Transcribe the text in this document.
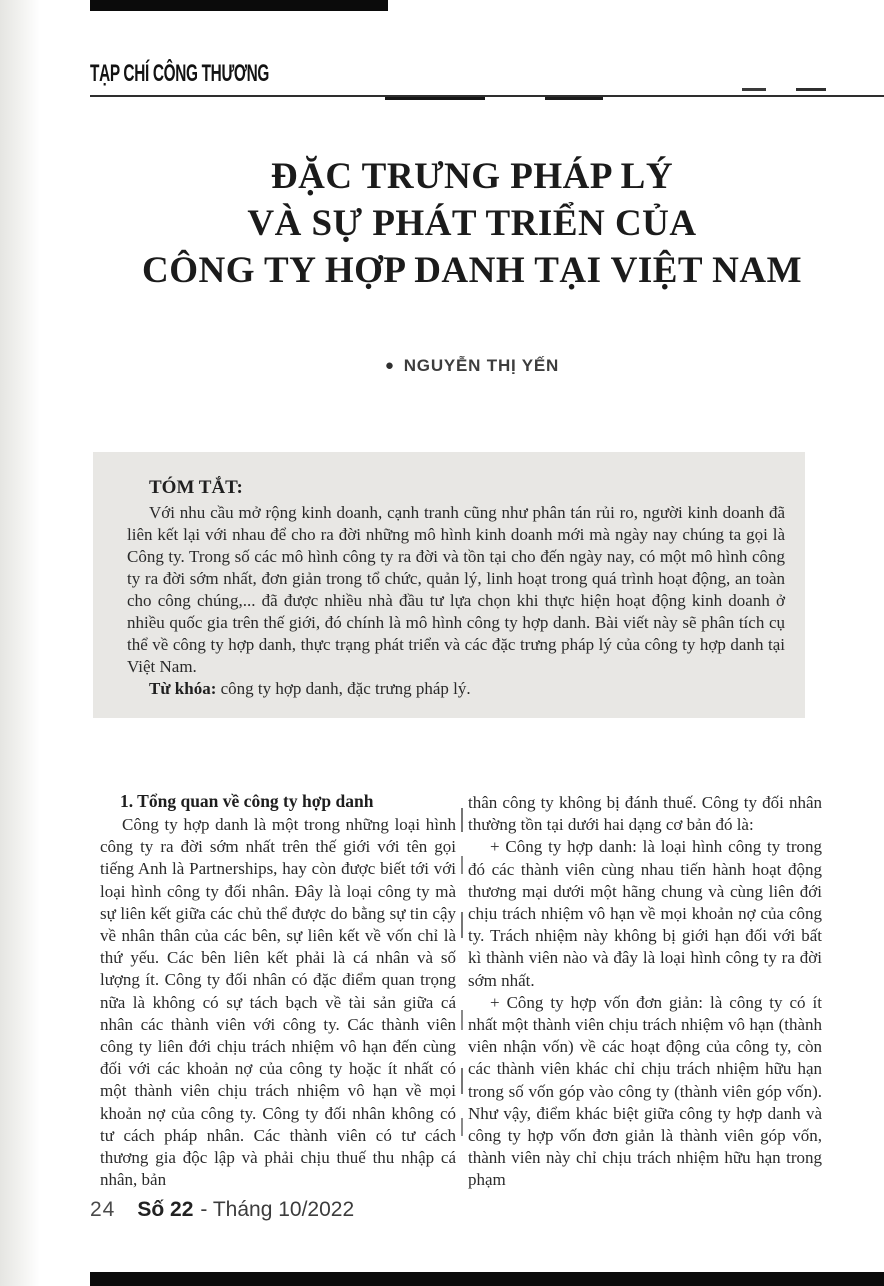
TẠP CHÍ CÔNG THƯƠNG
ĐẶC TRƯNG PHÁP LÝ
VÀ SỰ PHÁT TRIỂN CỦA
CÔNG TY HỢP DANH TẠI VIỆT NAM
● NGUYỄN THỊ YẾN
TÓM TẮT:

Với nhu cầu mở rộng kinh doanh, cạnh tranh cũng như phân tán rủi ro, người kinh doanh đã liên kết lại với nhau để cho ra đời những mô hình kinh doanh mới mà ngày nay chúng ta gọi là Công ty. Trong số các mô hình công ty ra đời và tồn tại cho đến ngày nay, có một mô hình công ty ra đời sớm nhất, đơn giản trong tổ chức, quản lý, linh hoạt trong quá trình hoạt động, an toàn cho công chúng,... đã được nhiều nhà đầu tư lựa chọn khi thực hiện hoạt động kinh doanh ở nhiều quốc gia trên thế giới, đó chính là mô hình công ty hợp danh. Bài viết này sẽ phân tích cụ thể về công ty hợp danh, thực trạng phát triển và các đặc trưng pháp lý của công ty hợp danh tại Việt Nam.

Từ khóa: công ty hợp danh, đặc trưng pháp lý.

1. Tổng quan về công ty hợp danh

Công ty hợp danh là một trong những loại hình công ty ra đời sớm nhất trên thế giới với tên gọi tiếng Anh là Partnerships, hay còn được biết tới với loại hình công ty đối nhân. Đây là loại công ty mà sự liên kết giữa các chủ thể được do bằng sự tin cậy về nhân thân của các bên, sự liên kết về vốn chỉ là thứ yếu. Các bên liên kết phải là cá nhân và số lượng ít. Công ty đối nhân có đặc điểm quan trọng nữa là không có sự tách bạch về tài sản giữa cá nhân các thành viên với công ty. Các thành viên công ty liên đới chịu trách nhiệm vô hạn đến cùng đối với các khoản nợ của công ty hoặc ít nhất có một thành viên chịu trách nhiệm vô hạn về mọi khoản nợ của công ty. Công ty đối nhân không có tư cách pháp nhân. Các thành viên có tư cách thương gia độc lập và phải chịu thuế thu nhập cá nhân, bản

thân công ty không bị đánh thuế. Công ty đối nhân thường tồn tại dưới hai dạng cơ bản đó là:

+ Công ty hợp danh: là loại hình công ty trong đó các thành viên cùng nhau tiến hành hoạt động thương mại dưới một hãng chung và cùng liên đới chịu trách nhiệm vô hạn về mọi khoản nợ của công ty. Trách nhiệm này không bị giới hạn đối với bất kì thành viên nào và đây là loại hình công ty ra đời sớm nhất.

+ Công ty hợp vốn đơn giản: là công ty có ít nhất một thành viên chịu trách nhiệm vô hạn (thành viên nhận vốn) về các hoạt động của công ty, còn các thành viên khác chỉ chịu trách nhiệm hữu hạn trong số vốn góp vào công ty (thành viên góp vốn). Như vậy, điểm khác biệt giữa công ty hợp danh và công ty hợp vốn đơn giản là thành viên góp vốn, thành viên này chỉ chịu trách nhiệm hữu hạn trong phạm

24 Số 22 - Tháng 10/2022
